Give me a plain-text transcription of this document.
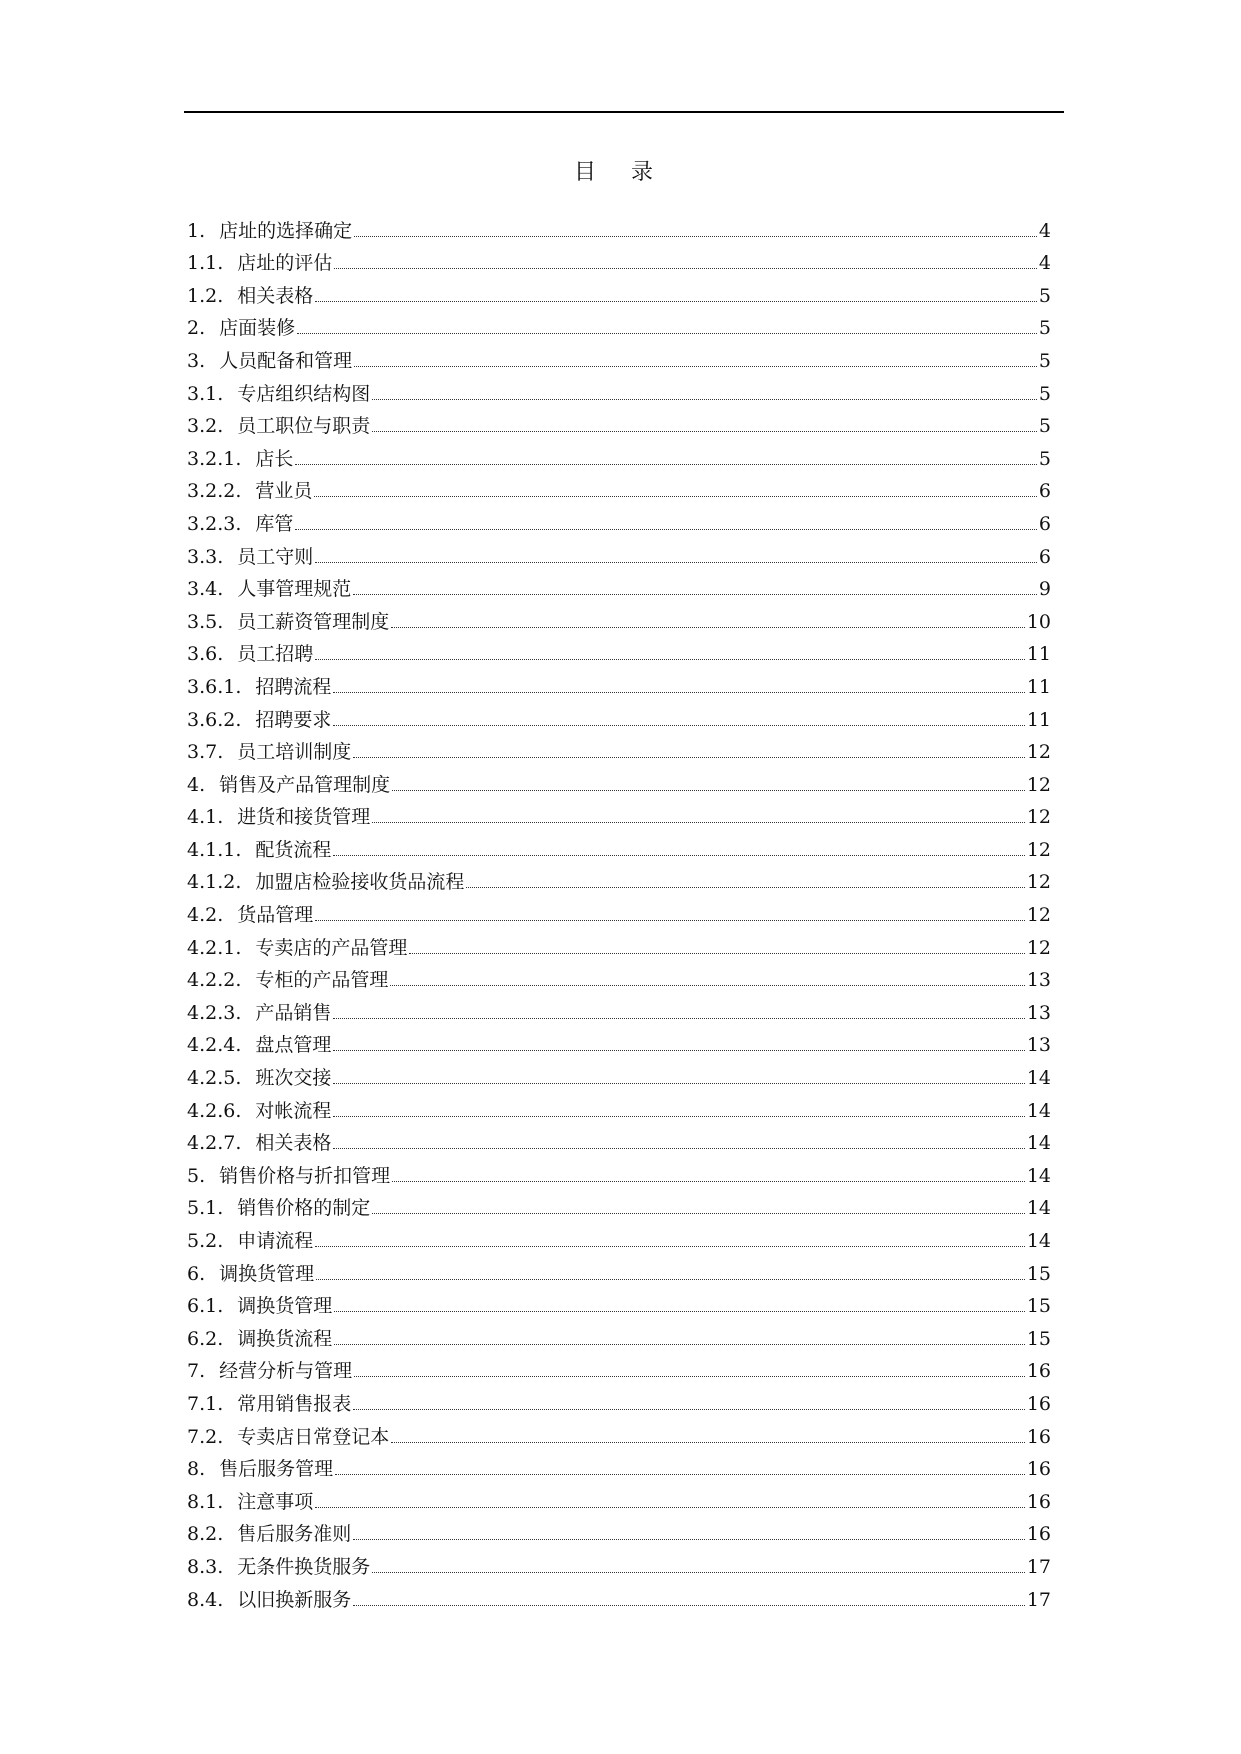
目 录
1. 店址的选择确定	4
1.1. 店址的评估	4
1.2. 相关表格	5
2. 店面装修	5
3. 人员配备和管理	5
3.1. 专店组织结构图	5
3.2. 员工职位与职责	5
3.2.1. 店长	5
3.2.2. 营业员	6
3.2.3. 库管	6
3.3. 员工守则	6
3.4. 人事管理规范	9
3.5. 员工薪资管理制度	10
3.6. 员工招聘	11
3.6.1. 招聘流程	11
3.6.2. 招聘要求	11
3.7. 员工培训制度	12
4. 销售及产品管理制度	12
4.1. 进货和接货管理	12
4.1.1. 配货流程	12
4.1.2. 加盟店检验接收货品流程	12
4.2. 货品管理	12
4.2.1. 专卖店的产品管理	12
4.2.2. 专柜的产品管理	13
4.2.3. 产品销售	13
4.2.4. 盘点管理	13
4.2.5. 班次交接	14
4.2.6. 对帐流程	14
4.2.7. 相关表格	14
5. 销售价格与折扣管理	14
5.1. 销售价格的制定	14
5.2. 申请流程	14
6. 调换货管理	15
6.1. 调换货管理	15
6.2. 调换货流程	15
7. 经营分析与管理	16
7.1. 常用销售报表	16
7.2. 专卖店日常登记本	16
8. 售后服务管理	16
8.1. 注意事项	16
8.2. 售后服务准则	16
8.3. 无条件换货服务	17
8.4. 以旧换新服务	17
